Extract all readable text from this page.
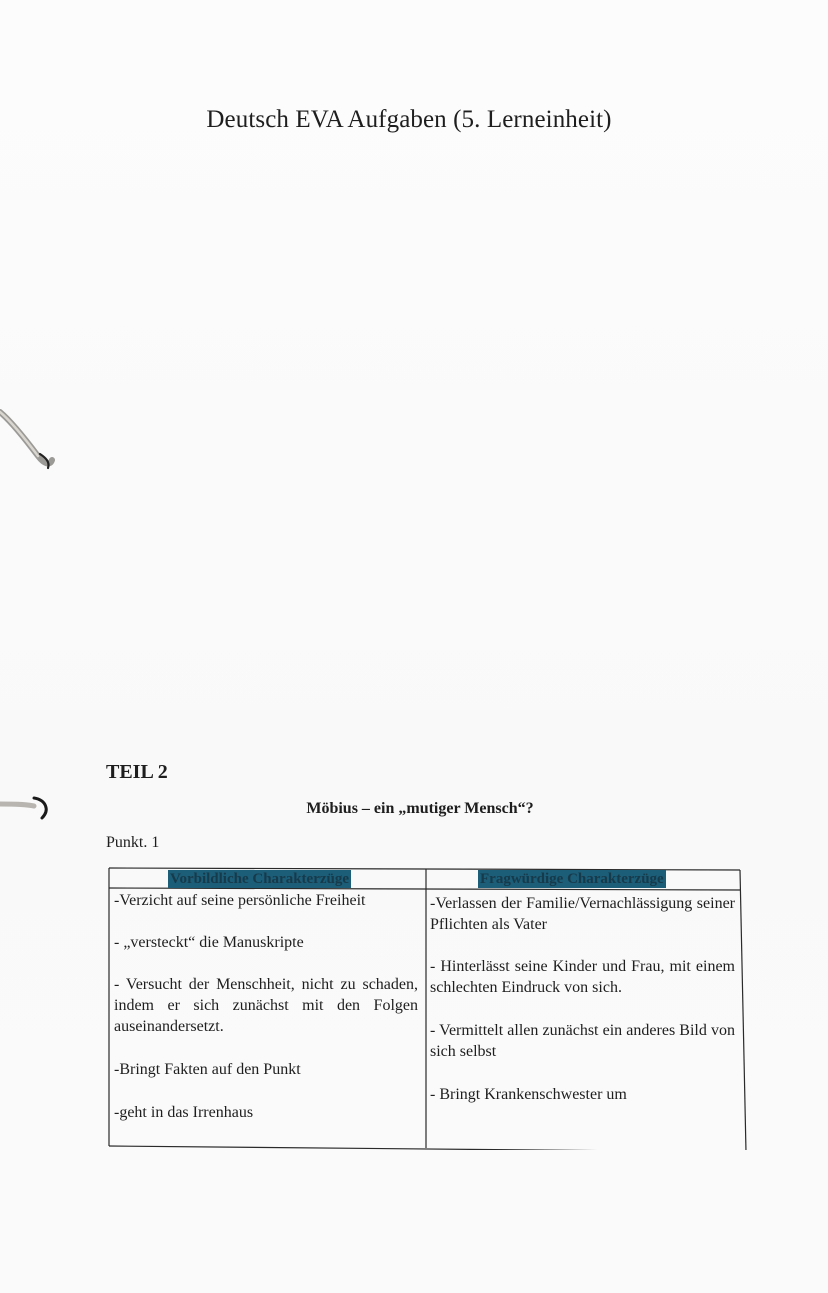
Deutsch EVA Aufgaben (5. Lerneinheit)
TEIL 2
Möbius – ein „mutiger Mensch“?
Punkt. 1
Vorbildliche Charakterzüge	Fragwürdige Charakterzüge
-Verzicht auf seine persönliche Freiheit
- „versteckt“ die Manuskripte
- Versucht der Menschheit, nicht zu schaden, indem er sich zunächst mit den Folgen auseinandersetzt.
-Bringt Fakten auf den Punkt
-geht in das Irrenhaus
-Verlassen der Familie/Vernachlässigung seiner Pflichten als Vater
- Hinterlässt seine Kinder und Frau, mit einem schlechten Eindruck von sich.
- Vermittelt allen zunächst ein anderes Bild von sich selbst
- Bringt Krankenschwester um
